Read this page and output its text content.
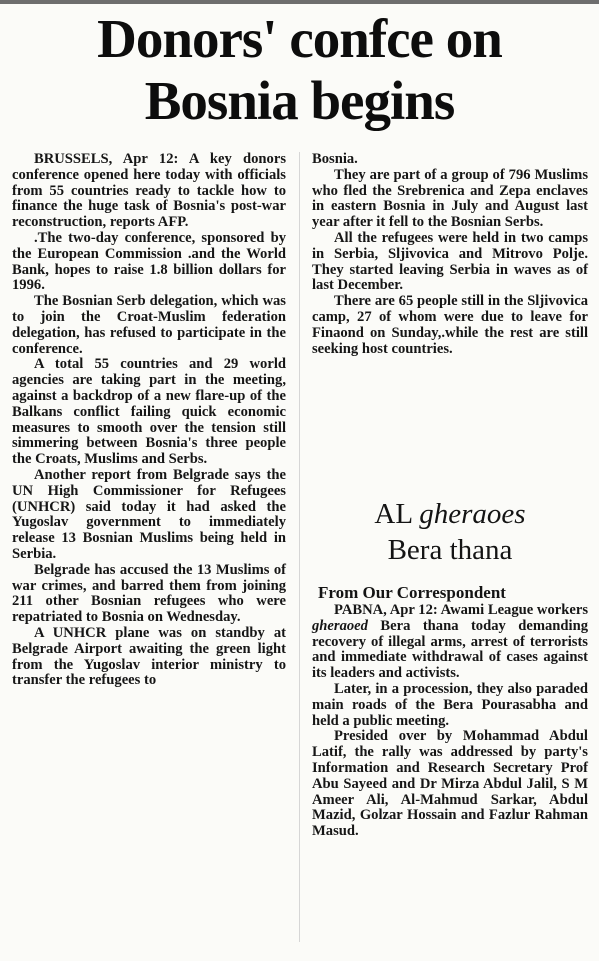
Donors' confce on
Bosnia begins

BRUSSELS, Apr 12: A key donors conference opened here today with officials from 55 countries ready to tackle how to finance the huge task of Bosnia's post-war reconstruction, reports AFP.

.The two-day conference, sponsored by the European Commission .and the World Bank, hopes to raise 1.8 billion dollars for 1996.

The Bosnian Serb delegation, which was to join the Croat-Muslim federation delegation, has refused to participate in the conference.

A total 55 countries and 29 world agencies are taking part in the meeting, against a backdrop of a new flare-up of the Balkans conflict failing quick economic measures to smooth over the tension still simmering between Bosnia's three people the Croats, Muslims and Serbs.

Another report from Belgrade says the UN High Commissioner for Refugees (UNHCR) said today it had asked the Yugoslav government to immediately release 13 Bosnian Muslims being held in Serbia.

Belgrade has accused the 13 Muslims of war crimes, and barred them from joining 211 other Bosnian refugees who were repatriated to Bosnia on Wednesday.

A UNHCR plane was on standby at Belgrade Airport awaiting the green light from the Yugoslav interior ministry to transfer the refugees to

Bosnia.

They are part of a group of 796 Muslims who fled the Srebrenica and Zepa enclaves in eastern Bosnia in July and August last year after it fell to the Bosnian Serbs.

All the refugees were held in two camps in Serbia, Sljivovica and Mitrovo Polje. They started leaving Serbia in waves as of last December.

There are 65 people still in the Sljivovica camp, 27 of whom were due to leave for Finaond on Sunday,.while the rest are still seeking host countries.

AL gheraoes
Bera thana
From Our Correspondent

PABNA, Apr 12: Awami League workers gheraoed Bera thana today demanding recovery of illegal arms, arrest of terrorists and immediate withdrawal of cases against its leaders and activists.

Later, in a procession, they also paraded main roads of the Bera Pourasabha and held a public meeting.

Presided over by Mohammad Abdul Latif, the rally was addressed by party's Information and Research Secretary Prof Abu Sayeed and Dr Mirza Abdul Jalil, S M Ameer Ali, Al-Mahmud Sarkar, Abdul Mazid, Golzar Hossain and Fazlur Rahman Masud.
